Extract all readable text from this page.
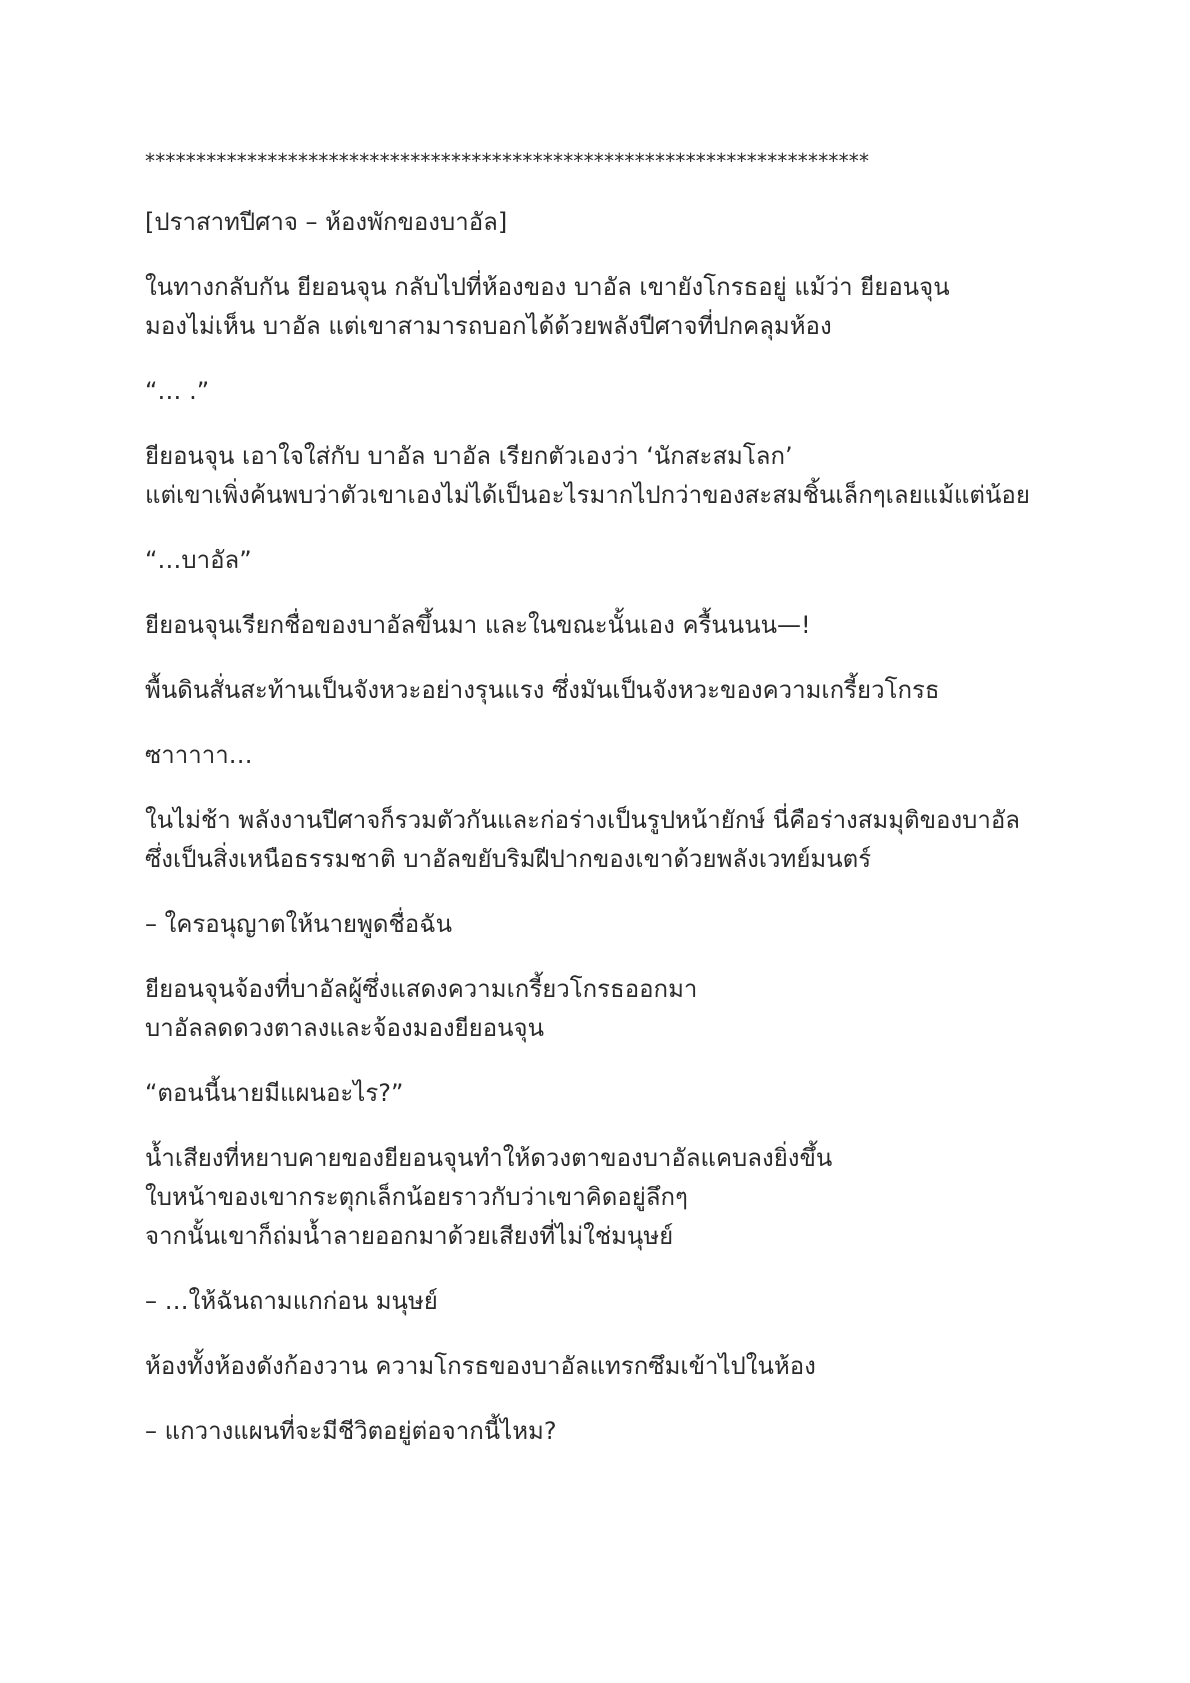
***********************************************************************

[ปราสาทปีศาจ – ห้องพักของบาอัล]

ในทางกลับกัน ยียอนจุน กลับไปที่ห้องของ บาอัล เขายังโกรธอยู่ แม้ว่า ยียอนจุน
มองไม่เห็น บาอัล แต่เขาสามารถบอกได้ด้วยพลังปีศาจที่ปกคลุมห้อง

“… .”

ยียอนจุน เอาใจใส่กับ บาอัล บาอัล เรียกตัวเองว่า ‘นักสะสมโลก’
แต่เขาเพิ่งค้นพบว่าตัวเขาเองไม่ได้เป็นอะไรมากไปกว่าของสะสมชิ้นเล็กๆเลยแม้แต่น้อย

“…บาอัล”

ยียอนจุนเรียกชื่อของบาอัลขึ้นมา และในขณะนั้นเอง ครื้นนนน—!

พื้นดินสั่นสะท้านเป็นจังหวะอย่างรุนแรง ซึ่งมันเป็นจังหวะของความเกรี้ยวโกรธ

ซาาาาา…

ในไม่ช้า พลังงานปีศาจก็รวมตัวกันและก่อร่างเป็นรูปหน้ายักษ์ นี่คือร่างสมมุติของบาอัล
ซึ่งเป็นสิ่งเหนือธรรมชาติ บาอัลขยับริมฝีปากของเขาด้วยพลังเวทย์มนตร์

– ใครอนุญาตให้นายพูดชื่อฉัน

ยียอนจุนจ้องที่บาอัลผู้ซึ่งแสดงความเกรี้ยวโกรธออกมา
บาอัลลดดวงตาลงและจ้องมองยียอนจุน

“ตอนนี้นายมีแผนอะไร?”

น้ำเสียงที่หยาบคายของยียอนจุนทำให้ดวงตาของบาอัลแคบลงยิ่งขึ้น
ใบหน้าของเขากระตุกเล็กน้อยราวกับว่าเขาคิดอยู่ลึกๆ
จากนั้นเขาก็ถ่มน้ำลายออกมาด้วยเสียงที่ไม่ใช่มนุษย์

– …ให้ฉันถามแกก่อน มนุษย์

ห้องทั้งห้องดังก้องวาน ความโกรธของบาอัลแทรกซึมเข้าไปในห้อง

– แกวางแผนที่จะมีชีวิตอยู่ต่อจากนี้ไหม?
